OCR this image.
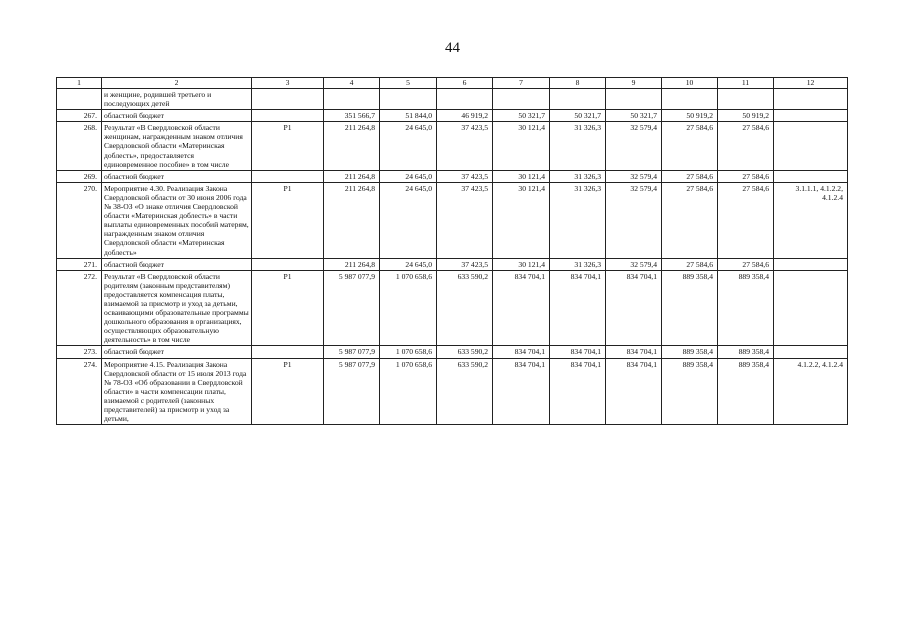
44
1	2	3	4	5	6	7	8	9	10	11	12
	и женщине, родившей третьего и последующих детей										
267.	областной бюджет		351 566,7	51 844,0	46 919,2	50 321,7	50 321,7	50 321,7	50 919,2	50 919,2	
268.	Результат «В Свердловской области женщинам, награжденным знаком отличия Свердловской области «Материнская доблесть», предоставляется единовременное пособие» в том числе	Р1	211 264,8	24 645,0	37 423,5	30 121,4	31 326,3	32 579,4	27 584,6	27 584,6	
269.	областной бюджет		211 264,8	24 645,0	37 423,5	30 121,4	31 326,3	32 579,4	27 584,6	27 584,6	
270.	Мероприятие 4.30. Реализация Закона Свердловской области от 30 июня 2006 года № 38-ОЗ «О знаке отличия Свердловской области «Материнская доблесть» в части выплаты единовременных пособий матерям, награжденным знаком отличия Свердловской области «Материнская доблесть»	Р1	211 264,8	24 645,0	37 423,5	30 121,4	31 326,3	32 579,4	27 584,6	27 584,6	3.1.1.1, 4.1.2.2, 4.1.2.4
271.	областной бюджет		211 264,8	24 645,0	37 423,5	30 121,4	31 326,3	32 579,4	27 584,6	27 584,6	
272.	Результат «В Свердловской области родителям (законным представителям) предоставляется компенсация платы, взимаемой за присмотр и уход за детьми, осваивающими образовательные программы дошкольного образования в организациях, осуществляющих образовательную деятельность» в том числе	Р1	5 987 077,9	1 070 658,6	633 590,2	834 704,1	834 704,1	834 704,1	889 358,4	889 358,4	
273.	областной бюджет		5 987 077,9	1 070 658,6	633 590,2	834 704,1	834 704,1	834 704,1	889 358,4	889 358,4	
274.	Мероприятие 4.15. Реализация Закона Свердловской области от 15 июля 2013 года № 78-ОЗ «Об образовании в Свердловской области» в части компенсации платы, взимаемой с родителей (законных представителей) за присмотр и уход за детьми,	Р1	5 987 077,9	1 070 658,6	633 590,2	834 704,1	834 704,1	834 704,1	889 358,4	889 358,4	4.1.2.2, 4.1.2.4
